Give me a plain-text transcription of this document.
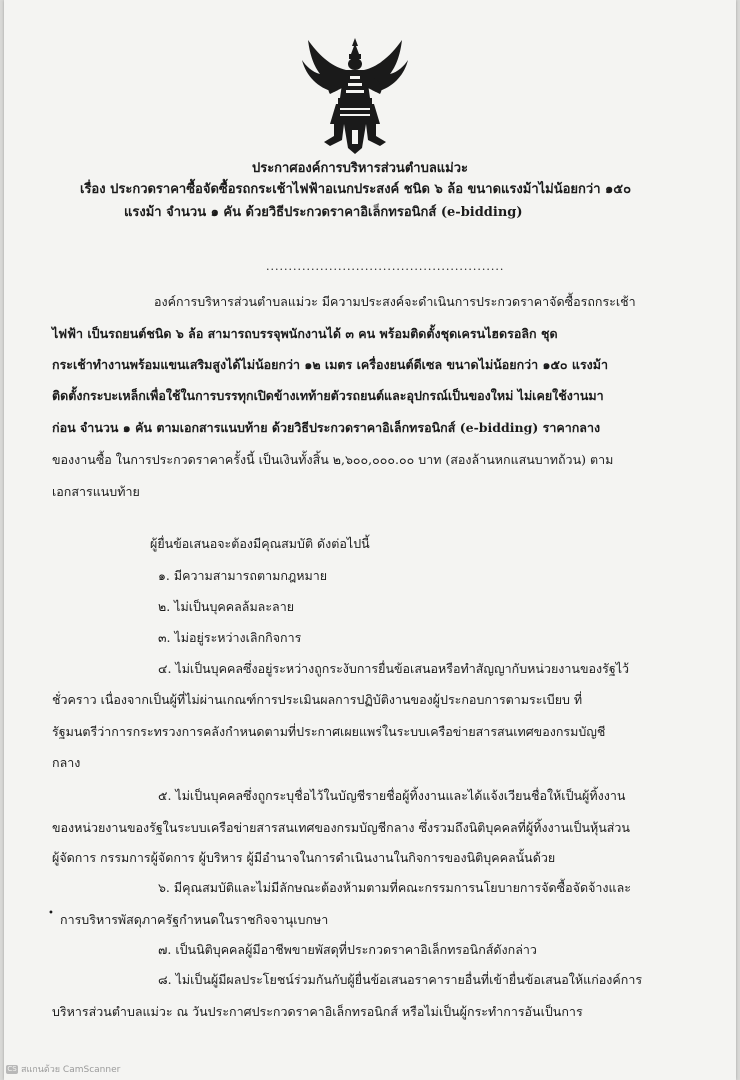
ประกาศองค์การบริหารส่วนตำบลแม่วะ
เรื่อง ประกวดราคาซื้อจัดซื้อรถกระเช้าไฟฟ้าอเนกประสงค์ ชนิด ๖ ล้อ ขนาดแรงม้าไม่น้อยกว่า ๑๕๐
แรงม้า จำนวน ๑ คัน ด้วยวิธีประกวดราคาอิเล็กทรอนิกส์ (e-bidding)
.....................................................
องค์การบริหารส่วนตำบลแม่วะ มีความประสงค์จะดำเนินการประกวดราคาจัดซื้อรถกระเช้า
ไฟฟ้า เป็นรถยนต์ชนิด ๖ ล้อ สามารถบรรจุพนักงานได้ ๓ คน พร้อมติดตั้งชุดเครนไฮดรอลิก ชุด
กระเช้าทำงานพร้อมแขนเสริมสูงได้ไม่น้อยกว่า ๑๒ เมตร เครื่องยนต์ดีเซล ขนาดไม่น้อยกว่า ๑๕๐ แรงม้า
ติดตั้งกระบะเหล็กเพื่อใช้ในการบรรทุกเปิดข้างเทท้ายตัวรถยนต์และอุปกรณ์เป็นของใหม่ ไม่เคยใช้งานมา
ก่อน จำนวน ๑ คัน ตามเอกสารแนบท้าย ด้วยวิธีประกวดราคาอิเล็กทรอนิกส์ (e-bidding) ราคากลาง
ของงานซื้อ ในการประกวดราคาครั้งนี้ เป็นเงินทั้งสิ้น ๒,๖๐๐,๐๐๐.๐๐ บาท (สองล้านหกแสนบาทถ้วน) ตาม
เอกสารแนบท้าย
ผู้ยื่นข้อเสนอจะต้องมีคุณสมบัติ ดังต่อไปนี้
๑. มีความสามารถตามกฎหมาย
๒. ไม่เป็นบุคคลล้มละลาย
๓. ไม่อยู่ระหว่างเลิกกิจการ
๔. ไม่เป็นบุคคลซึ่งอยู่ระหว่างถูกระงับการยื่นข้อเสนอหรือทำสัญญากับหน่วยงานของรัฐไว้
ชั่วคราว เนื่องจากเป็นผู้ที่ไม่ผ่านเกณฑ์การประเมินผลการปฏิบัติงานของผู้ประกอบการตามระเบียบ ที่
รัฐมนตรีว่าการกระทรวงการคลังกำหนดตามที่ประกาศเผยแพร่ในระบบเครือข่ายสารสนเทศของกรมบัญชี
กลาง
๕. ไม่เป็นบุคคลซึ่งถูกระบุชื่อไว้ในบัญชีรายชื่อผู้ทิ้งงานและได้แจ้งเวียนชื่อให้เป็นผู้ทิ้งงาน
ของหน่วยงานของรัฐในระบบเครือข่ายสารสนเทศของกรมบัญชีกลาง ซึ่งรวมถึงนิติบุคคลที่ผู้ทิ้งงานเป็นหุ้นส่วน
ผู้จัดการ กรรมการผู้จัดการ ผู้บริหาร ผู้มีอำนาจในการดำเนินงานในกิจการของนิติบุคคลนั้นด้วย
๖. มีคุณสมบัติและไม่มีลักษณะต้องห้ามตามที่คณะกรรมการนโยบายการจัดซื้อจัดจ้างและ
• การบริหารพัสดุภาครัฐกำหนดในราชกิจจานุเบกษา
๗. เป็นนิติบุคคลผู้มีอาชีพขายพัสดุที่ประกวดราคาอิเล็กทรอนิกส์ดังกล่าว
๘. ไม่เป็นผู้มีผลประโยชน์ร่วมกันกับผู้ยื่นข้อเสนอราคารายอื่นที่เข้ายื่นข้อเสนอให้แก่องค์การ
บริหารส่วนตำบลแม่วะ ณ วันประกาศประกวดราคาอิเล็กทรอนิกส์ หรือไม่เป็นผู้กระทำการอันเป็นการ
CS สแกนด้วย CamScanner
